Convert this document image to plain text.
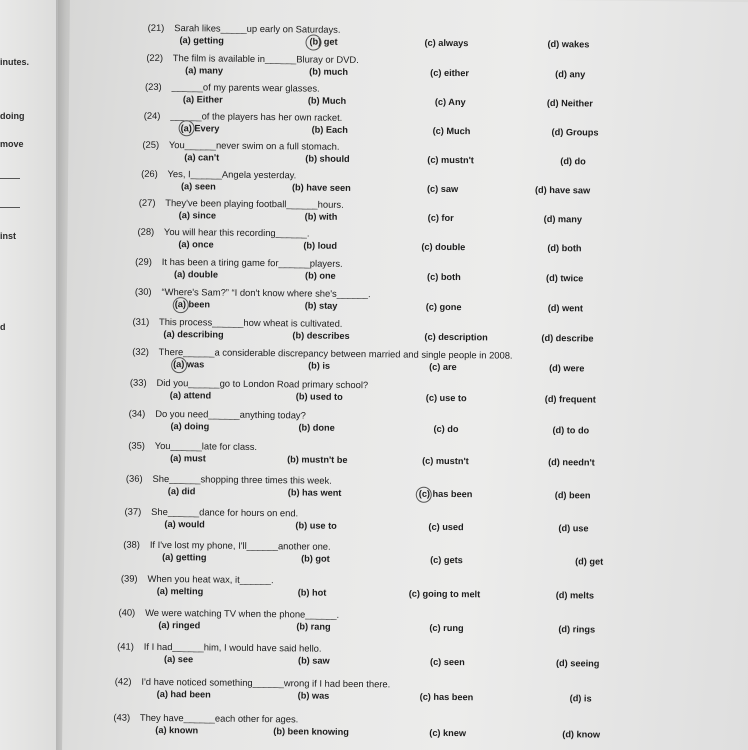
inutes.
doing
move
inst
d
(21) Sarah likes_____up early on Saturdays.
(a) getting	(b) get	(c) always	(d) wakes
(22) The film is available in______Bluray or DVD.
(a) many	(b) much	(c) either	(d) any
(23) ______of my parents wear glasses.
(a) Either	(b) Much	(c) Any	(d) Neither
(24) ______of the players has her own racket.
(a) Every	(b) Each	(c) Much	(d) Groups
(25) You______never swim on a full stomach.
(a) can't	(b) should	(c) mustn't	(d) do
(26) Yes, I______Angela yesterday.
(a) seen	(b) have seen	(c) saw	(d) have saw
(27) They've been playing football______hours.
(a) since	(b) with	(c) for	(d) many
(28) You will hear this recording______.
(a) once	(b) loud	(c) double	(d) both
(29) It has been a tiring game for______players.
(a) double	(b) one	(c) both	(d) twice
(30) “Where's Sam?” “I don't know where she's______.
(a) been	(b) stay	(c) gone	(d) went
(31) This process______how wheat is cultivated.
(a) describing	(b) describes	(c) description	(d) describe
(32) There______a considerable discrepancy between married and single people in 2008.
(a) was	(b) is	(c) are	(d) were
(33) Did you______go to London Road primary school?
(a) attend	(b) used to	(c) use to	(d) frequent
(34) Do you need______anything today?
(a) doing	(b) done	(c) do	(d) to do
(35) You______late for class.
(a) must	(b) mustn't be	(c) mustn't	(d) needn't
(36) She______shopping three times this week.
(a) did	(b) has went	(c) has been	(d) been
(37) She______dance for hours on end.
(a) would	(b) use to	(c) used	(d) use
(38) If I've lost my phone, I'll______another one.
(a) getting	(b) got	(c) gets	(d) get
(39) When you heat wax, it______.
(a) melting	(b) hot	(c) going to melt	(d) melts
(40) We were watching TV when the phone______.
(a) ringed	(b) rang	(c) rung	(d) rings
(41) If I had______him, I would have said hello.
(a) see	(b) saw	(c) seen	(d) seeing
(42) I'd have noticed something______wrong if I had been there.
(a) had been	(b) was	(c) has been	(d) is
(43) They have______each other for ages.
(a) known	(b) been knowing	(c) knew	(d) know
